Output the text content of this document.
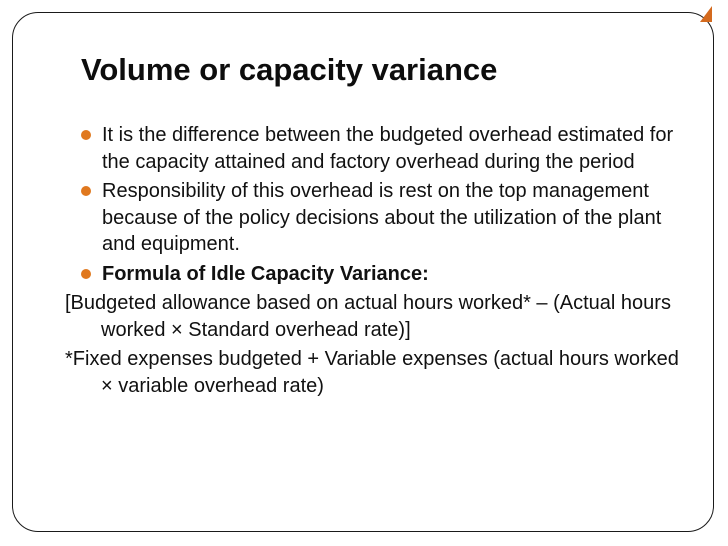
Volume or capacity variance
It is the difference between the budgeted overhead estimated for the capacity attained and factory overhead during the period
Responsibility of this overhead is rest on the top management because of the policy decisions about the utilization of the plant and equipment.
Formula of Idle Capacity Variance:
[Budgeted allowance based on actual hours worked* – (Actual hours worked × Standard overhead rate)]
*Fixed expenses budgeted + Variable expenses (actual hours worked × variable overhead rate)
